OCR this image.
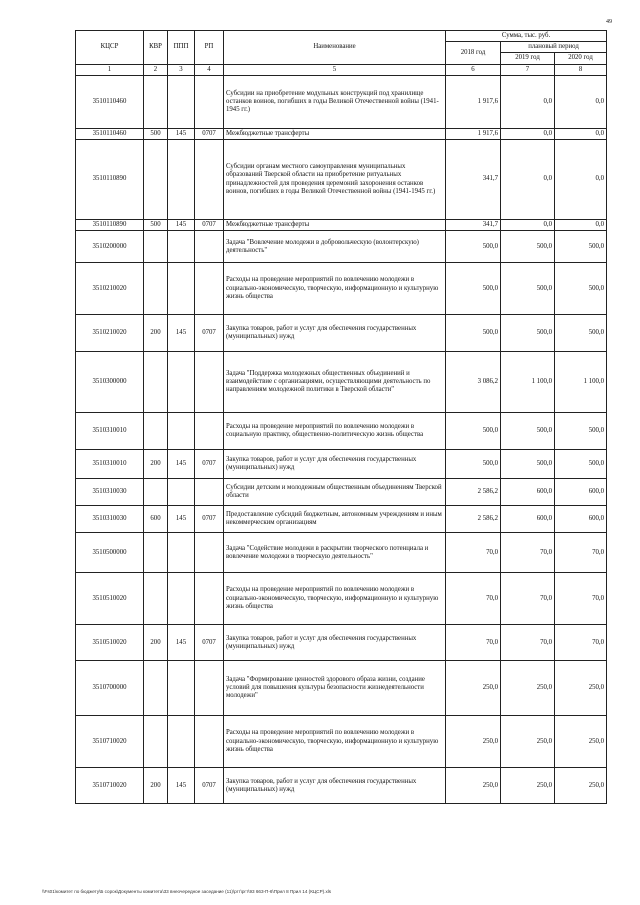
49
КЦСР	КВР	ППП	РП	Наименование	Сумма, тыс. руб.		
					2018 год	плановый период	
						2019 год	2020 год
1	2	3	4	5	6	7	8
3510110460				Субсидии на приобретение модульных конструкций под хранилище останков воинов, погибших в годы Великой Отечественной войны (1941-1945 гг.)	1 917,6	0,0	0,0
3510110460	500	145	0707	Межбюджетные трансферты	1 917,6	0,0	0,0
3510110890				Субсидии органам местного самоуправления муниципальных образований Тверской области на приобретение ритуальных принадлежностей для проведения церемоний захоронения останков воинов, погибших в годы Великой Отечественной войны (1941-1945 гг.)	341,7	0,0	0,0
3510110890	500	145	0707	Межбюджетные трансферты	341,7	0,0	0,0
3510200000				Задача "Вовлечение молодежи в добровольческую (волонтерскую) деятельность"	500,0	500,0	500,0
3510210020				Расходы на проведение мероприятий по вовлечению молодежи в социально-экономическую, творческую, информационную и культурную жизнь общества	500,0	500,0	500,0
3510210020	200	145	0707	Закупка товаров, работ и услуг для обеспечения государственных (муниципальных) нужд	500,0	500,0	500,0
3510300000				Задача "Поддержка молодежных общественных объединений и взаимодействие с организациями, осуществляющими деятельность по направлениям молодежной политики в Тверской области"	3 086,2	1 100,0	1 100,0
3510310010				Расходы на проведение мероприятий по вовлечению молодежи в социальную практику, общественно-политическую жизнь общества	500,0	500,0	500,0
3510310010	200	145	0707	Закупка товаров, работ и услуг для обеспечения государственных (муниципальных) нужд	500,0	500,0	500,0
3510310030				Субсидии детским и молодежным общественным объединениям Тверской области	2 586,2	600,0	600,0
3510310030	600	145	0707	Предоставление субсидий бюджетным, автономным учреждениям и иным некоммерческим организациям	2 586,2	600,0	600,0
3510500000				Задача "Содействие молодежи в раскрытии творческого потенциала и вовлечение молодежи в творческую деятельность"	70,0	70,0	70,0
3510510020				Расходы на проведение мероприятий по вовлечению молодежи в социально-экономическую, творческую, информационную и культурную жизнь общества	70,0	70,0	70,0
3510510020	200	145	0707	Закупка товаров, работ и услуг для обеспечения государственных (муниципальных) нужд	70,0	70,0	70,0
3510700000				Задача "Формирование ценностей здорового образа жизни, создание условий для повышения культуры безопасности жизнедеятельности молодежи"	250,0	250,0	250,0
3510710020				Расходы на проведение мероприятий по вовлечению молодежи в социально-экономическую, творческую, информационную и культурную жизнь общества	250,0	250,0	250,0
3510710020	200	145	0707	Закупка товаров, работ и услуг для обеспечения государственных (муниципальных) нужд	250,0	250,0	250,0
\\Fs01\комитет по бюджету\Б сорок\Документы комитета\33 внеочередное заседание (11)\ргт\ргт\93 663-П-6\Прил 8 Прил 14 (КЦСР).xls
